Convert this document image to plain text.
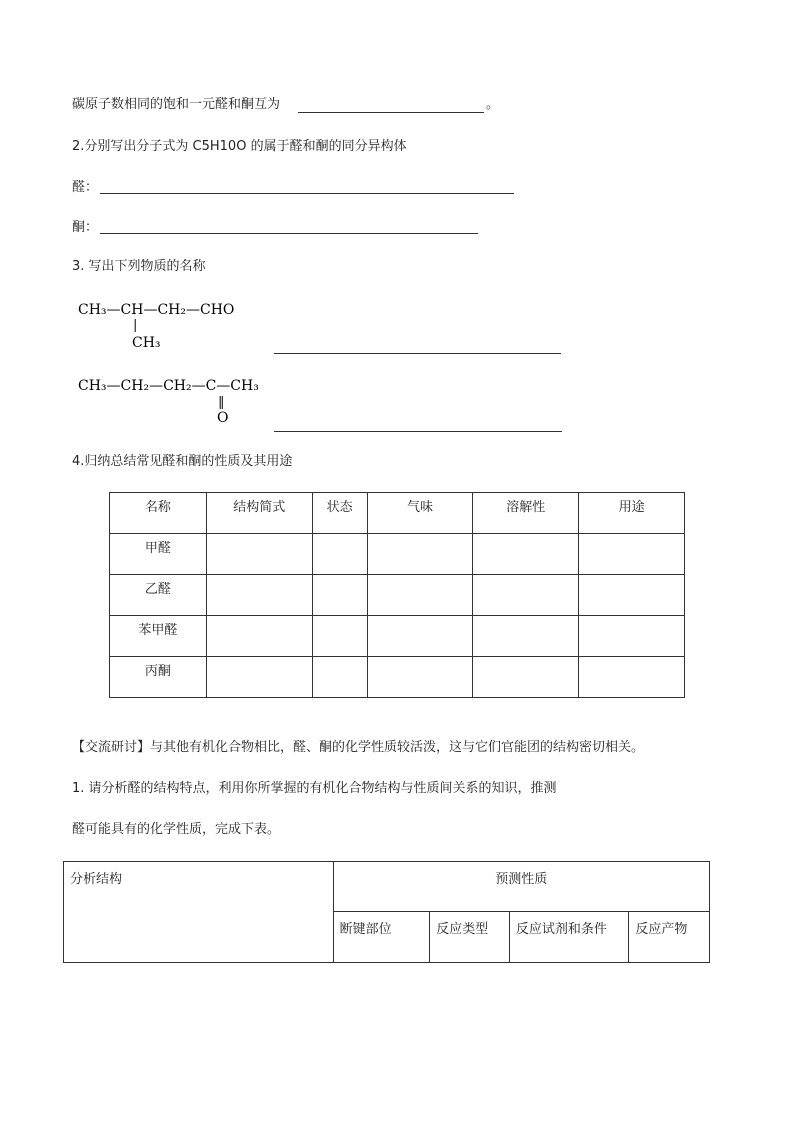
碳原子数相同的饱和一元醛和酮互为	。
2.分别写出分子式为 C5H10O 的属于醛和酮的同分异构体
醛：
酮：
3. 写出下列物质的名称
CH₃—CH—CH₂—CHO
|
CH₃
CH₃—CH₂—CH₂—C—CH₃
‖
O
4.归纳总结常见醛和酮的性质及其用途
名称	结构简式	状态	气味	溶解性	用途
甲醛					
乙醛					
苯甲醛					
丙酮					
【交流研讨】与其他有机化合物相比，醛、酮的化学性质较活泼，这与它们官能团的结构密切相关。
1. 请分析醛的结构特点，利用你所掌握的有机化合物结构与性质间关系的知识，推测
醛可能具有的化学性质，完成下表。
分析结构	预测性质			
	断键部位	反应类型	反应试剂和条件	反应产物
